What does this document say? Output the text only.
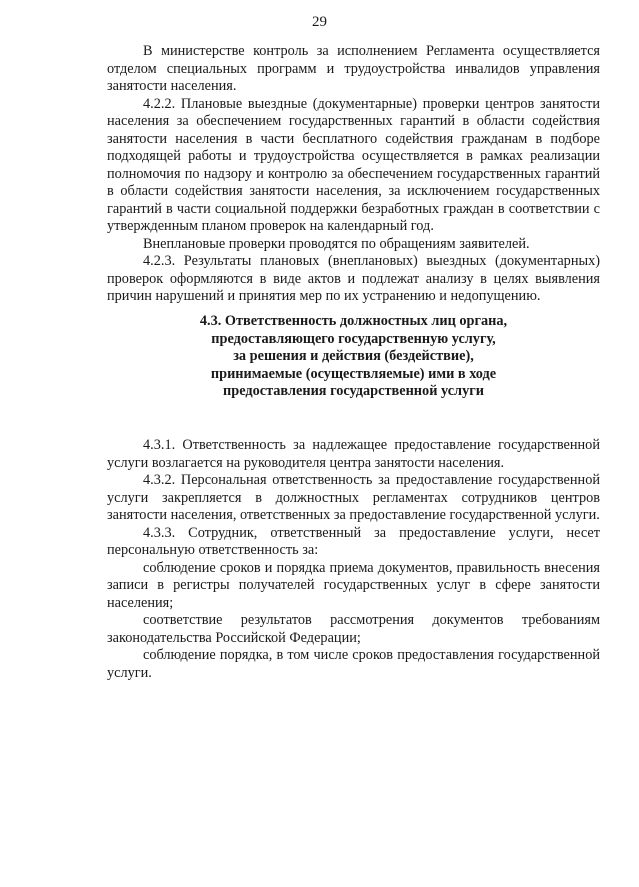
29

В министерстве контроль за исполнением Регламента осуществляется отделом специальных программ и трудоустройства инвалидов управления занятости населения.

4.2.2. Плановые выездные (документарные) проверки центров занятости населения за обеспечением государственных гарантий в области содействия занятости населения в части бесплатного содействия гражданам в подборе подходящей работы и трудоустройства осуществляется в рамках реализации полномочия по надзору и контролю за обеспечением государственных гарантий в области содействия занятости населения, за исключением государственных гарантий в части социальной поддержки безработных граждан в соответствии с утвержденным планом проверок на календарный год.

Внеплановые проверки проводятся по обращениям заявителей.

4.2.3. Результаты плановых (внеплановых) выездных (документарных) проверок оформляются в виде актов и подлежат анализу в целях выявления причин нарушений и принятия мер по их устранению и недопущению.

4.3. Ответственность должностных лиц органа,
предоставляющего государственную услугу,
за решения и действия (бездействие),
принимаемые (осуществляемые) ими в ходе
предоставления государственной услуги

4.3.1. Ответственность за надлежащее предоставление государственной услуги возлагается на руководителя центра занятости населения.

4.3.2. Персональная ответственность за предоставление государственной услуги закрепляется в должностных регламентах сотрудников центров занятости населения, ответственных за предоставление государственной услуги.

4.3.3. Сотрудник, ответственный за предоставление услуги, несет персональную ответственность за:

соблюдение сроков и порядка приема документов, правильность внесения записи в регистры получателей государственных услуг в сфере занятости населения;

соответствие результатов рассмотрения документов требованиям законодательства Российской Федерации;

соблюдение порядка, в том числе сроков предоставления государственной услуги.
